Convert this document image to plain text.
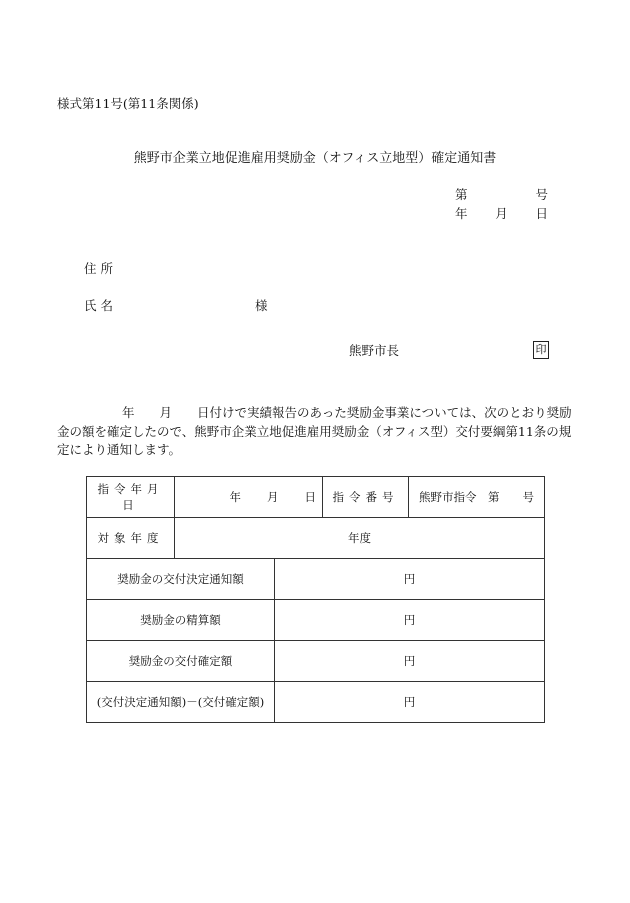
様式第11号(第11条関係)
熊野市企業立地促進雇用奨励金（オフィス立地型）確定通知書
第	号
年 月 日
住 所
氏 名	様
熊野市長	印
年　　月　　日付けで実績報告のあった奨励金事業については、次のとおり奨励金の額を確定したので、熊野市企業立地促進雇用奨励金（オフィス型）交付要綱第11条の規定により通知します。
指令年月日	年 月 日		指令番号	熊野市指令　第　　号
対象年度	年度			
奨励金の交付決定通知額		円		
奨励金の精算額		円		
奨励金の交付確定額		円		
(交付決定通知額)－(交付確定額)		円		
